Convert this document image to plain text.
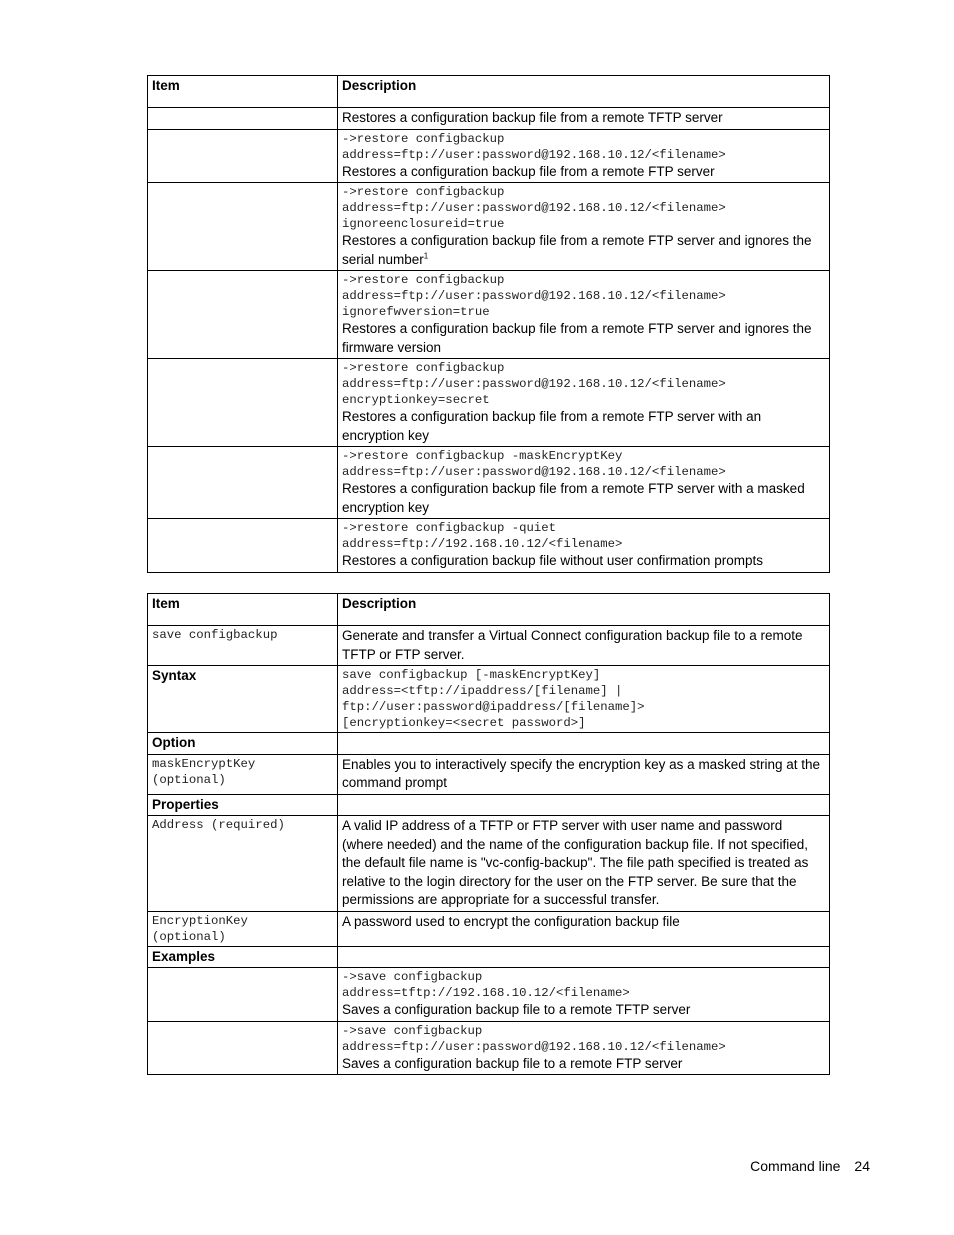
Item	Description

	Restores a configuration backup file from a remote TFTP server

	->restore configbackup
address=ftp://user:password@192.168.10.12/<filename>
Restores a configuration backup file from a remote FTP server

	->restore configbackup
address=ftp://user:password@192.168.10.12/<filename>
ignoreenclosureid=true
Restores a configuration backup file from a remote FTP server and ignores the serial number$^1$

	->restore configbackup
address=ftp://user:password@192.168.10.12/<filename>
ignorefwversion=true
Restores a configuration backup file from a remote FTP server and ignores the firmware version

	->restore configbackup
address=ftp://user:password@192.168.10.12/<filename>
encryptionkey=secret
Restores a configuration backup file from a remote FTP server with an encryption key

	->restore configbackup -maskEncryptKey
address=ftp://user:password@192.168.10.12/<filename>
Restores a configuration backup file from a remote FTP server with a masked encryption key

	->restore configbackup -quiet
address=ftp://192.168.10.12/<filename>
Restores a configuration backup file without user confirmation prompts
Item	Description

save configbackup	Generate and transfer a Virtual Connect configuration backup file to a remote TFTP or FTP server.

Syntax	save configbackup [-maskEncryptKey]
address=<tftp://ipaddress/[filename] |
ftp://user:password@ipaddress/[filename]>
[encryptionkey=<secret password>]

Option	

maskEncryptKey
(optional)	Enables you to interactively specify the encryption key as a masked string at the command prompt

Properties	

Address (required)	A valid IP address of a TFTP or FTP server with user name and password (where needed) and the name of the configuration backup file. If not specified, the default file name is "vc-config-backup". The file path specified is treated as relative to the login directory for the user on the FTP server. Be sure that the permissions are appropriate for a successful transfer.

EncryptionKey
(optional)	A password used to encrypt the configuration backup file

Examples	

	->save configbackup
address=tftp://192.168.10.12/<filename>
Saves a configuration backup file to a remote TFTP server

	->save configbackup
address=ftp://user:password@192.168.10.12/<filename>
Saves a configuration backup file to a remote FTP server
Command line 24
